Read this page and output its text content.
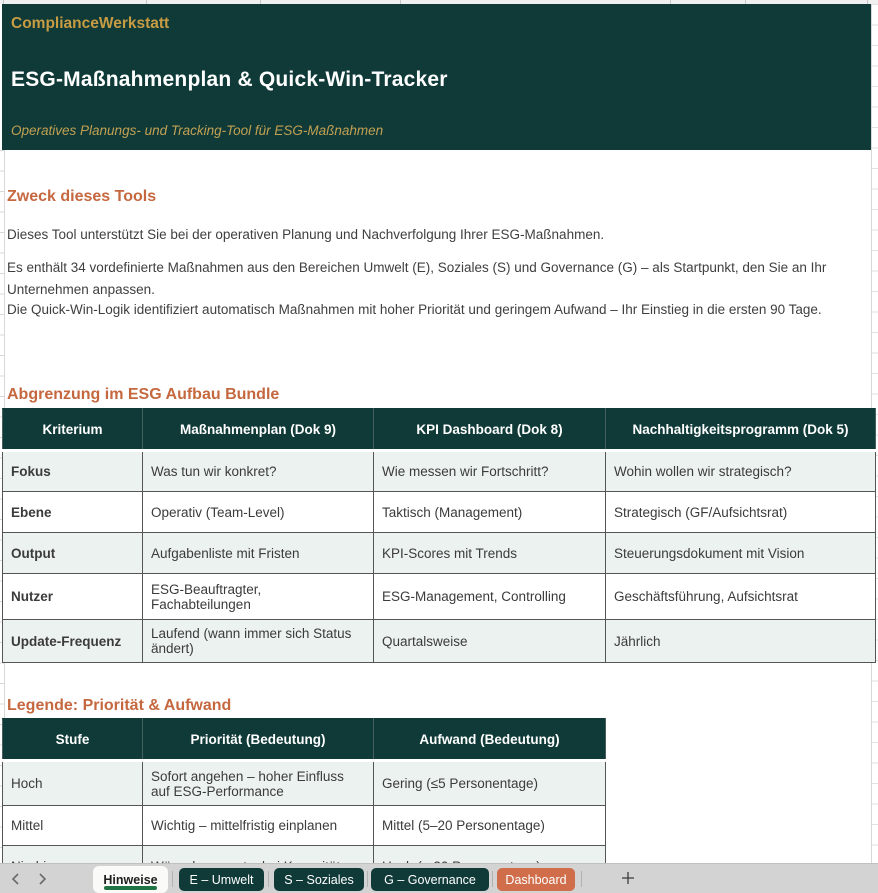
ComplianceWerkstatt
ESG-Maßnahmenplan & Quick-Win-Tracker
Operatives Planungs- und Tracking-Tool für ESG-Maßnahmen
Zweck dieses Tools
Dieses Tool unterstützt Sie bei der operativen Planung und Nachverfolgung Ihrer ESG-Maßnahmen.
Es enthält 34 vordefinierte Maßnahmen aus den Bereichen Umwelt (E), Soziales (S) und Governance (G) – als Startpunkt, den Sie an Ihr Unternehmen anpassen.
Die Quick-Win-Logik identifiziert automatisch Maßnahmen mit hoher Priorität und geringem Aufwand – Ihr Einstieg in die ersten 90 Tage.
Abgrenzung im ESG Aufbau Bundle
Kriterium	Maßnahmenplan (Dok 9)	KPI Dashboard (Dok 8)	Nachhaltigkeitsprogramm (Dok 5)
Fokus	Was tun wir konkret?	Wie messen wir Fortschritt?	Wohin wollen wir strategisch?
Ebene	Operativ (Team-Level)	Taktisch (Management)	Strategisch (GF/Aufsichtsrat)
Output	Aufgabenliste mit Fristen	KPI-Scores mit Trends	Steuerungsdokument mit Vision
Nutzer	ESG-Beauftragter, Fachabteilungen	ESG-Management, Controlling	Geschäftsführung, Aufsichtsrat
Update-Frequenz	Laufend (wann immer sich Status ändert)	Quartalsweise	Jährlich
Legende: Priorität & Aufwand
Stufe	Priorität (Bedeutung)	Aufwand (Bedeutung)
Hoch	Sofort angehen – hoher Einfluss auf ESG-Performance	Gering (≤5 Personentage)
Mittel	Wichtig – mittelfristig einplanen	Mittel (5–20 Personentage)

Hinweise	E – Umwelt S – Soziales G – Governance Dashboard
